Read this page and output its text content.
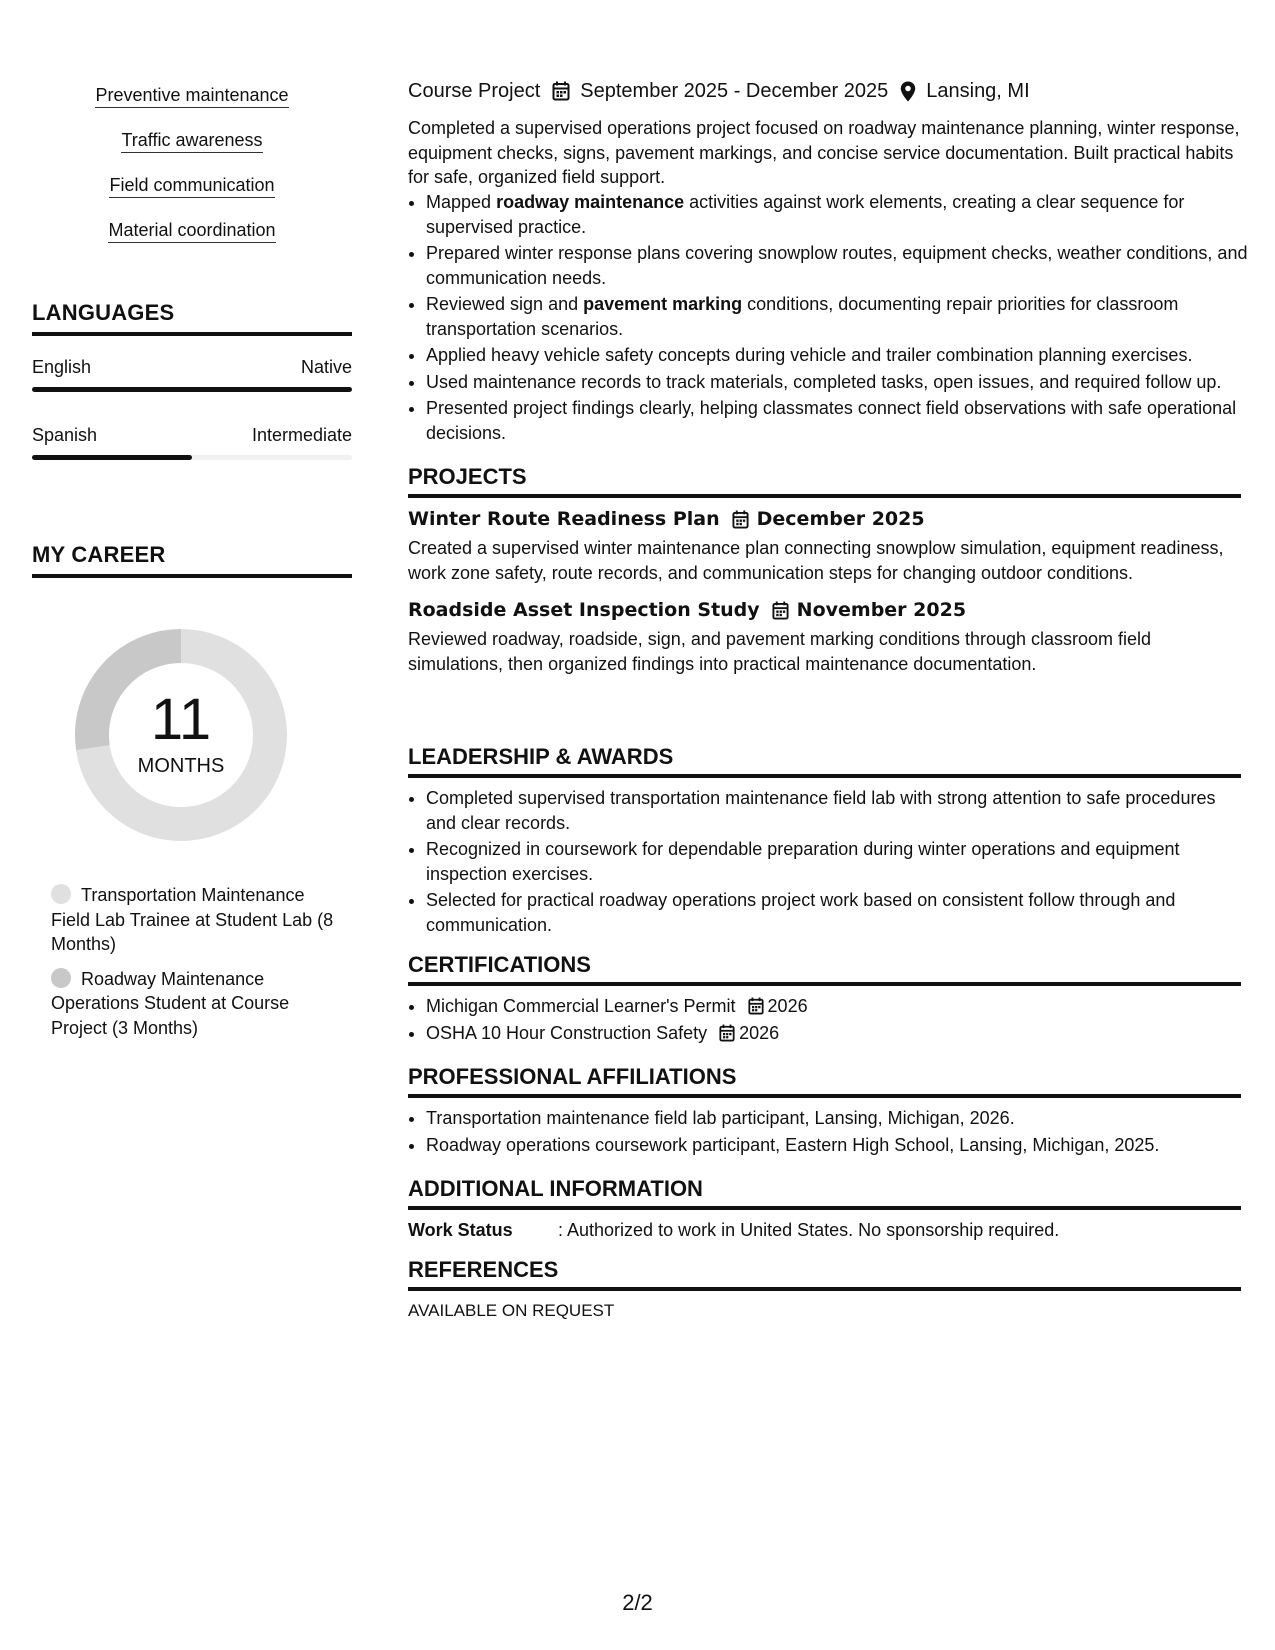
Preventive maintenance
Traffic awareness
Field communication
Material coordination
LANGUAGES
English	Native
Spanish	Intermediate
MY CAREER
11
MONTHS
Transportation Maintenance Field Lab Trainee at Student Lab (8 Months)
Roadway Maintenance Operations Student at Course Project (3 Months)
Course Project September 2025 - December 2025 Lansing, MI
Completed a supervised operations project focused on roadway maintenance planning, winter response, equipment checks, signs, pavement markings, and concise service documentation. Built practical habits for safe, organized field support.
• Mapped roadway maintenance activities against work elements, creating a clear sequence for supervised practice.
• Prepared winter response plans covering snowplow routes, equipment checks, weather conditions, and communication needs.
• Reviewed sign and pavement marking conditions, documenting repair priorities for classroom transportation scenarios.
• Applied heavy vehicle safety concepts during vehicle and trailer combination planning exercises.
• Used maintenance records to track materials, completed tasks, open issues, and required follow up.
• Presented project findings clearly, helping classmates connect field observations with safe operational decisions.
PROJECTS
Winter Route Readiness Plan December 2025
Created a supervised winter maintenance plan connecting snowplow simulation, equipment readiness, work zone safety, route records, and communication steps for changing outdoor conditions.
Roadside Asset Inspection Study November 2025
Reviewed roadway, roadside, sign, and pavement marking conditions through classroom field simulations, then organized findings into practical maintenance documentation.
LEADERSHIP & AWARDS
• Completed supervised transportation maintenance field lab with strong attention to safe procedures and clear records.
• Recognized in coursework for dependable preparation during winter operations and equipment inspection exercises.
• Selected for practical roadway operations project work based on consistent follow through and communication.
CERTIFICATIONS
• Michigan Commercial Learner's Permit 2026
• OSHA 10 Hour Construction Safety 2026
PROFESSIONAL AFFILIATIONS
• Transportation maintenance field lab participant, Lansing, Michigan, 2026.
• Roadway operations coursework participant, Eastern High School, Lansing, Michigan, 2025.
ADDITIONAL INFORMATION
Work Status	: Authorized to work in United States. No sponsorship required.
REFERENCES
AVAILABLE ON REQUEST
2/2
